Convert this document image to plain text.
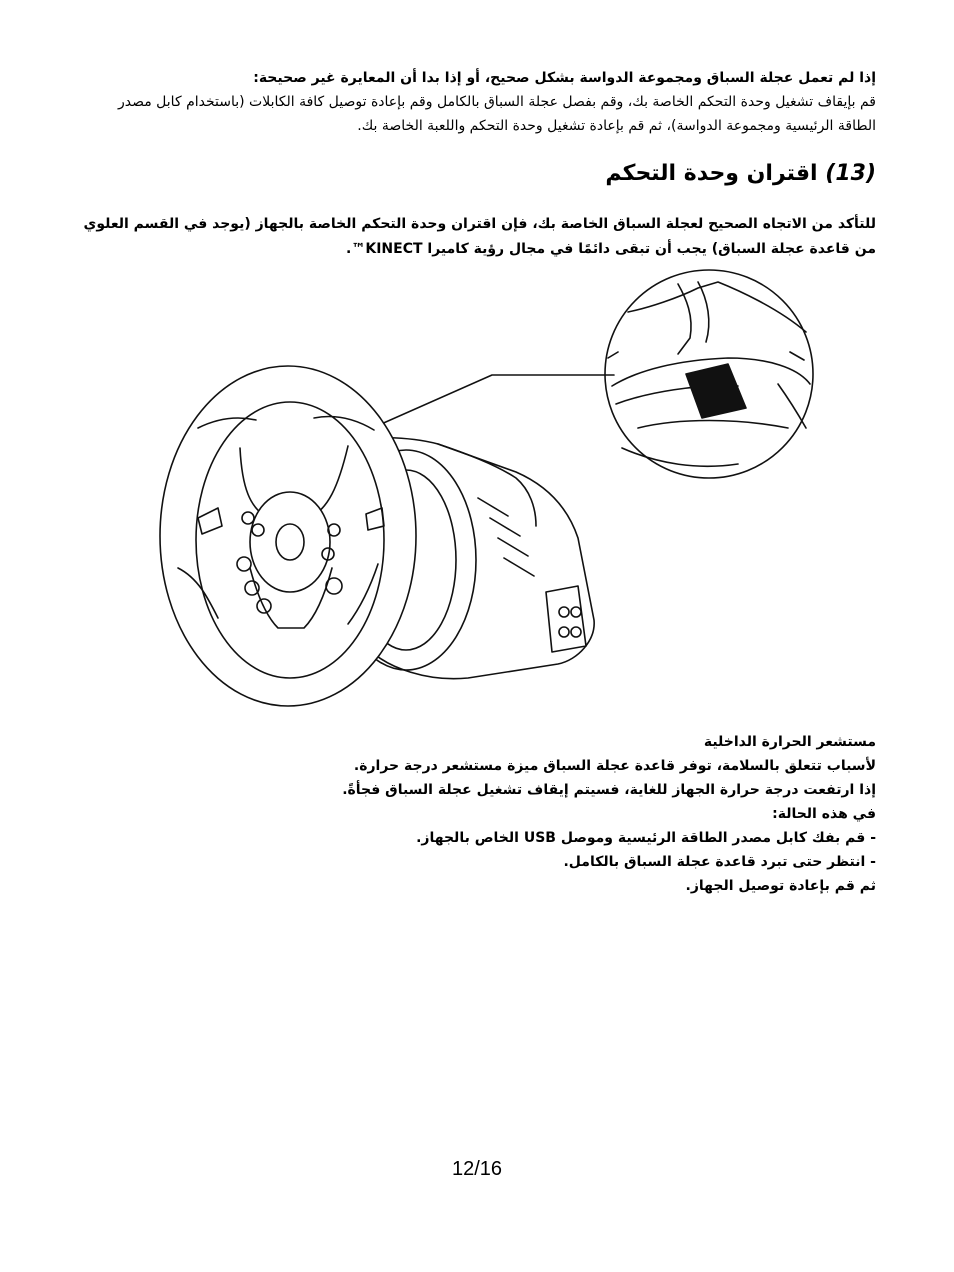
إذا لم تعمل عجلة السباق ومجموعة الدواسة بشكل صحيح، أو إذا بدا أن المعايرة غير صحيحة:
قم بإيقاف تشغيل وحدة التحكم الخاصة بك، وقم بفصل عجلة السباق بالكامل وقم بإعادة توصيل كافة الكابلات (باستخدام كابل مصدر الطاقة الرئيسية ومجموعة الدواسة)، ثم قم بإعادة تشغيل وحدة التحكم واللعبة الخاصة بك.
(13) اقتران وحدة التحكم
للتأكد من الاتجاه الصحيح لعجلة السباق الخاصة بك، فإن اقتران وحدة التحكم الخاصة بالجهاز (يوجد في القسم العلوي من قاعدة عجلة السباق) يجب أن تبقى دائمًا في مجال رؤية كاميرا KINECT™.
مستشعر الحرارة الداخلية
لأسباب تتعلق بالسلامة، توفر قاعدة عجلة السباق ميزة مستشعر درجة حرارة.
إذا ارتفعت درجة حرارة الجهاز للغاية، فسيتم إيقاف تشغيل عجلة السباق فجأةً.
في هذه الحالة:
- قم بفك كابل مصدر الطاقة الرئيسية وموصل USB الخاص بالجهاز.
- انتظر حتى تبرد قاعدة عجلة السباق بالكامل.
ثم قم بإعادة توصيل الجهاز.
12/16
